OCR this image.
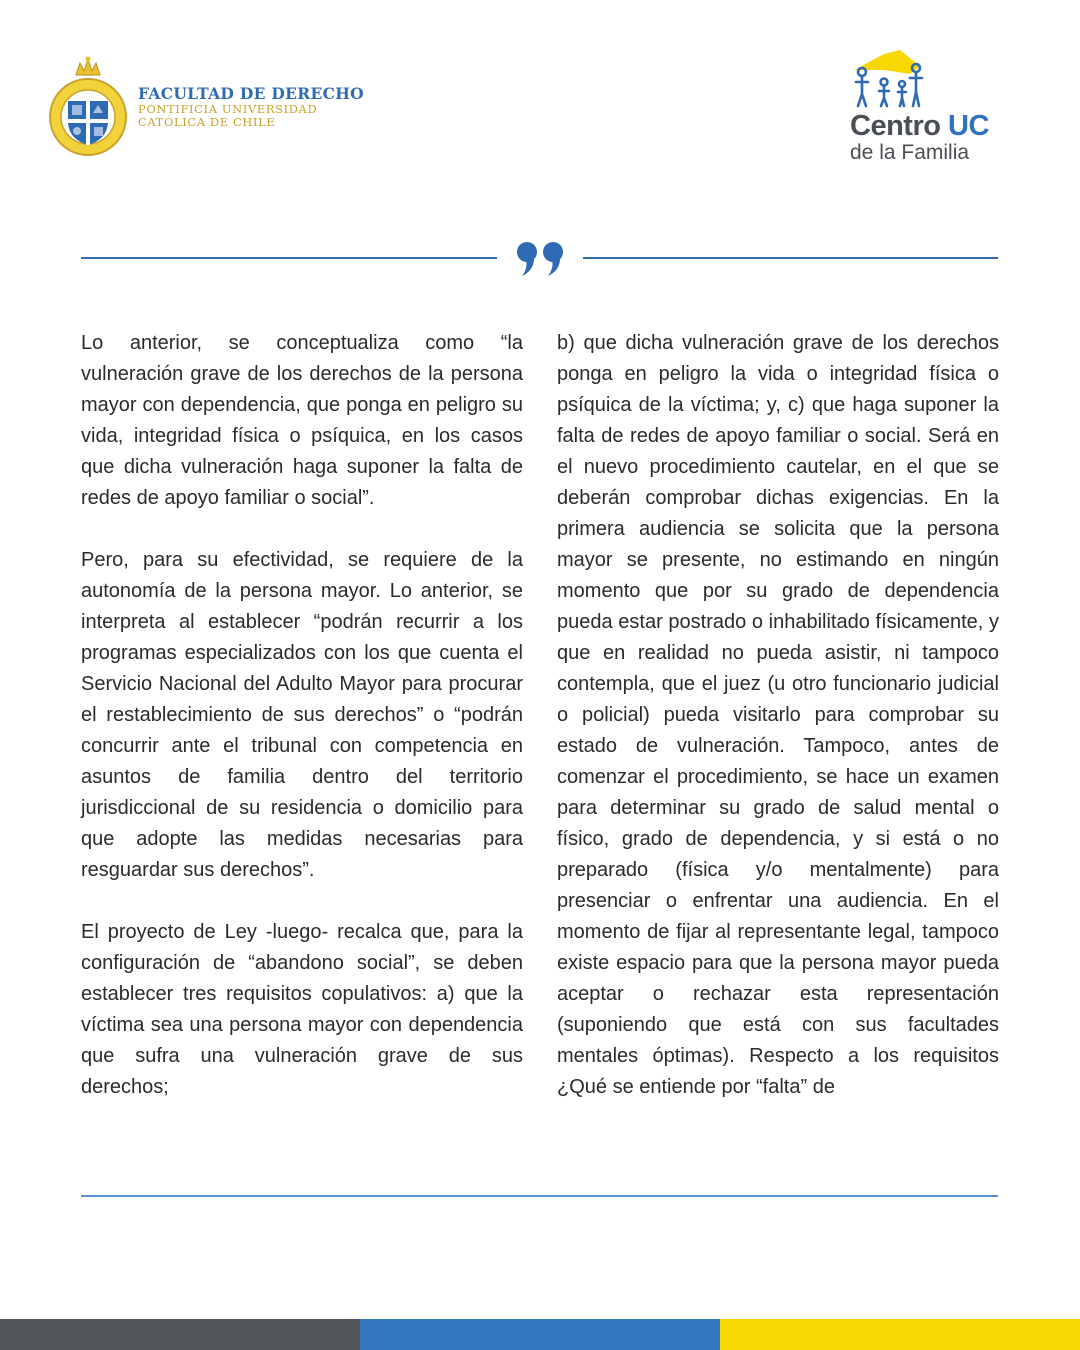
FACULTAD DE DERECHO
PONTIFICIA UNIVERSIDAD
CATÓLICA DE CHILE	Centro UC
de la Familia

Lo anterior, se conceptualiza como “la vulneración grave de los derechos de la persona mayor con dependencia, que ponga en peligro su vida, integridad física o psíquica, en los casos que dicha vulneración haga suponer la falta de redes de apoyo familiar o social”.

Pero, para su efectividad, se requiere de la autonomía de la persona mayor. Lo anterior, se interpreta al establecer “podrán recurrir a los programas especializados con los que cuenta el Servicio Nacional del Adulto Mayor para procurar el restablecimiento de sus derechos” o “podrán concurrir ante el tribunal con competencia en asuntos de familia dentro del territorio jurisdiccional de su residencia o domicilio para que adopte las medidas necesarias para resguardar sus derechos”.

El proyecto de Ley -luego- recalca que, para la configuración de “abandono social”, se deben establecer tres requisitos copulativos: a) que la víctima sea una persona mayor con dependencia que sufra una vulneración grave de sus derechos;

b) que dicha vulneración grave de los derechos ponga en peligro la vida o integridad física o psíquica de la víctima; y, c) que haga suponer la falta de redes de apoyo familiar o social. Será en el nuevo procedimiento cautelar, en el que se deberán comprobar dichas exigencias. En la primera audiencia se solicita que la persona mayor se presente, no estimando en ningún momento que por su grado de dependencia pueda estar postrado o inhabilitado físicamente, y que en realidad no pueda asistir, ni tampoco contempla, que el juez (u otro funcionario judicial o policial) pueda visitarlo para comprobar su estado de vulneración. Tampoco, antes de comenzar el procedimiento, se hace un examen para determinar su grado de salud mental o físico, grado de dependencia, y si está o no preparado (física y/o mentalmente) para presenciar o enfrentar una audiencia. En el momento de fijar al representante legal, tampoco existe espacio para que la persona mayor pueda aceptar o rechazar esta representación (suponiendo que está con sus facultades mentales óptimas). Respecto a los requisitos ¿Qué se entiende por “falta” de
